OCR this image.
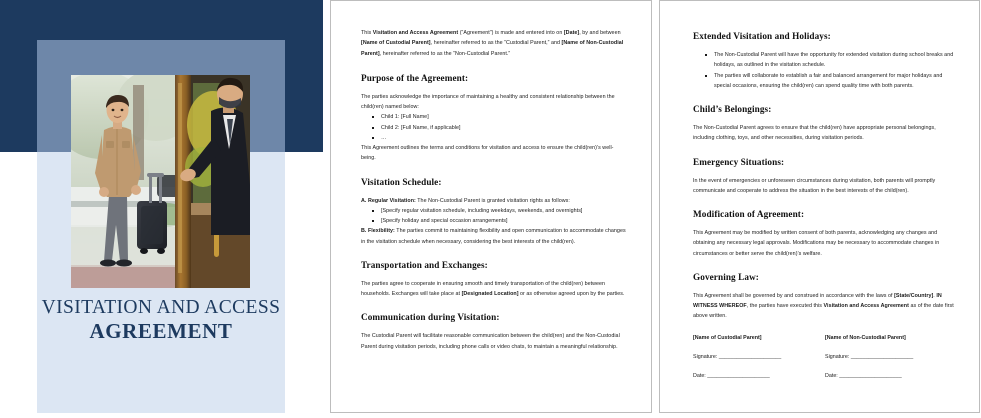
VISITATION AND ACCESS
AGREEMENT

This Visitation and Access Agreement (“Agreement”) is made and entered into on [Date], by and between [Name of Custodial Parent], hereinafter referred to as the “Custodial Parent,” and [Name of Non-Custodial Parent], hereinafter referred to as the “Non-Custodial Parent.”

Purpose of the Agreement:

The parties acknowledge the importance of maintaining a healthy and consistent relationship between the child(ren) named below:

Child 1: [Full Name]
Child 2: [Full Name, if applicable]
…

This Agreement outlines the terms and conditions for visitation and access to ensure the child(ren)’s well-being.

Visitation Schedule:

A. Regular Visitation: The Non-Custodial Parent is granted visitation rights as follows:

[Specify regular visitation schedule, including weekdays, weekends, and overnights]
[Specify holiday and special occasion arrangements]

B. Flexibility: The parties commit to maintaining flexibility and open communication to accommodate changes in the visitation schedule when necessary, considering the best interests of the child(ren).

Transportation and Exchanges:

The parties agree to cooperate in ensuring smooth and timely transportation of the child(ren) between households. Exchanges will take place at [Designated Location] or as otherwise agreed upon by the parties.

Communication during Visitation:

The Custodial Parent will facilitate reasonable communication between the child(ren) and the Non-Custodial Parent during visitation periods, including phone calls or video chats, to maintain a meaningful relationship.

Extended Visitation and Holidays:
The Non-Custodial Parent will have the opportunity for extended visitation during school breaks and holidays, as outlined in the visitation schedule.
The parties will collaborate to establish a fair and balanced arrangement for major holidays and special occasions, ensuring the child(ren) can spend quality time with both parents.
Child’s Belongings:

The Non-Custodial Parent agrees to ensure that the child(ren) have appropriate personal belongings, including clothing, toys, and other necessities, during visitation periods.

Emergency Situations:

In the event of emergencies or unforeseen circumstances during visitation, both parents will promptly communicate and cooperate to address the situation in the best interests of the child(ren).

Modification of Agreement:

This Agreement may be modified by written consent of both parents, acknowledging any changes and obtaining any necessary legal approvals. Modifications may be necessary to accommodate changes in circumstances or better serve the child(ren)’s welfare.

Governing Law:

This Agreement shall be governed by and construed in accordance with the laws of [State/Country]. IN WITNESS WHEREOF, the parties have executed this Visitation and Access Agreement as of the date first above written.

[Name of Custodial Parent]
Signature: _____________________
Date: _____________________
[Name of Non-Custodial Parent]
Signature: _____________________
Date: _____________________
